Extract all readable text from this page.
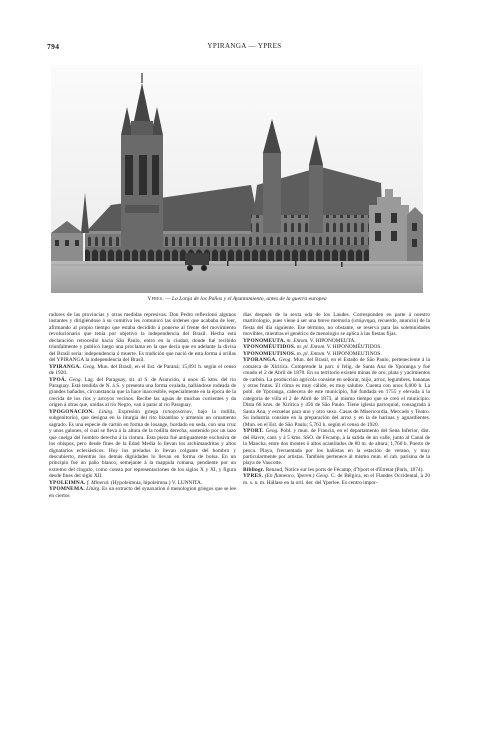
794	YPIRANGA — YPRES
Ypres. — La Lonja de los Paños y el Ayuntamiento, antes de la guerra europea

radores de las provincias y otras medidas represivas. Don Pedro reflexionó algunos instantes y dirigiéndose á su comitiva les comunicó las órdenes que acababa de leer, afirmando al propio tiempo que estaba decidido á ponerse al frente del movimiento revolucionario que tenía por objetivo la independencia del Brasil. Hecha está declaración retrocedió hacia São Paulo, entró en la ciudad, donde fué recibido triunfalmente y publicó luego una proclama en la que decía que en adelante la divisa del Brasil sería: independencia ó muerte. Es tradición que nació de esta forma á orillas del YPIRANGA la independencia del Brasil.

YPIRANGA. Geog. Mun. del Brasil, en el Est. de Paraná; 15,891 h. según el censo de 1920.

YPOÁ. Geog. Lag. del Paraguay, sit. al S. de Asunción, á unos 45 kms. del río Paraguay. Está tendida de N. á S. y presenta una forma ovalada, hallándose rodeada de grandes bañados, circunstancia que la hace inaccesible, especialmente en la época de la crecida de los ríos y arroyos vecinos. Recibe las aguas de muchas corrientes y da origen á otras que, unidas al río Negro, van á parar al río Paraguay.

YPOGONACION. Litúrg. Expresión griega (υπογονάτιον, bajo la rodilla, subgenitorio), que designa en la liturgia del rito bizantino y armenio un ornamento sagrado. Es una especie de cartón en forma de losange, bordado en seda, con una cruz y unos galones, el cual se lleva á la altura de la rodilla derecha, sostenido por un lazo que cuelga del hombro derecho á la cintura. Esta pieza fué antiguamente exclusiva de los obispos, pero desde fines de la Edad Media lo llevan los archimandritas y altos dignatarios eclesiásticos. Hoy los prelados lo llevan colgante del hombro y descubierto, mientras los demás dignidades lo llevan en forma de bolsa. En un principio fué un paño blanco, semejante á la mappula romana, pendiente por un extremo del cíngulo, como consta por representaciones de los siglos X y XI, y figura desde fines del siglo XII.

YPOLEIMNA. f. Mineral. (Hypoleimnia, hipoleimna.) V. LUNNITA.

YPOMNEMA. Litúrg. Es un extracto del synaxarion ó menologion griegos que se lee en ciertos

días después de la sexta oda de los Laudes. Corresponden en parte á nuestro martirologio, pues viene á ser una breve memoria (υπόμνημα, recuerdo, anuncio) de la fiesta del día siguiente. Ese término, no obstante, se reserva para las solemnidades movibles, mientras el genérico de menologio se aplica á las fiestas fijas.

YPONOMEUTA. m. Entom. V. HIPONOMEUTA.

YPONOMÉUTIDOS. m. pl. Entom. V. HIPONOMÉUTIDOS.

YPONOMEUTINOS. m. pl. Entom. V. HIPONOMEUTINOS.

YPORANGA. Geog. Mun. del Brasil, en el Estado de São Paulo, perteneciente á la comarca de Xiririca. Comprende la parr. ó felig. de Santa Ana de Yporanga y fué creado el 2 de Abril de 1878. En su territorio existen minas de oro, plata y yacimientos de carbón. La producción agrícola consiste en señorar, mijo, arroz, legumbres, bananas y otras frutas. El clima es muy cálido, es muy salubre. Cuenta con unos 6,000 h. La pobl. de Yporanga, cabecera de este municipio, fué fundada en 1755 y elevada á la categoría de villa el 2 de Abril de 1873, al mismo tiempo que se creó el municipio. Dista 66 kms. de Xiririca y 456 de São Paulo. Tiene iglesia parroquial, consagrada á Santa Ana, y escuelas para uno y otro sexo. Casas de Misericordia, Mercado y Teatro. Su industria consiste en la preparación del arroz y en la de harinas y aguardientes. (Mun. en el Est. de São Paulo; 5,763 h. según el censo de 1920.

YPORT. Geog. Pobl. y mun. de Francia, en el departamento del Sena Inferior, dist. del Havre, cant. y á 5 kms. SSO. de Fécamp, á la salida de un valle, junto al Canal de la Mancha, entre dos montes ó altos acantilados de 80 m. de altura; 1,760 h. Puerto de pesca. Playa, frecuentada por los bañistas en la estación de verano, y muy particularmente por artistas. También pertenece al mismo mun. el cab. parisina de la playa de Vaucotte.

Bibliogr. Renaud, Notice sur les ports de Fécamp, d'Yport et d'Etretat (París, 1874).

YPRES. (En flamenco, Yperen.) Geog. C. de Bélgica, en el Flandes Occidental, á 20 m. s. n. m. Hállase en la oril. der. del Yperlee. Es centro impor-
